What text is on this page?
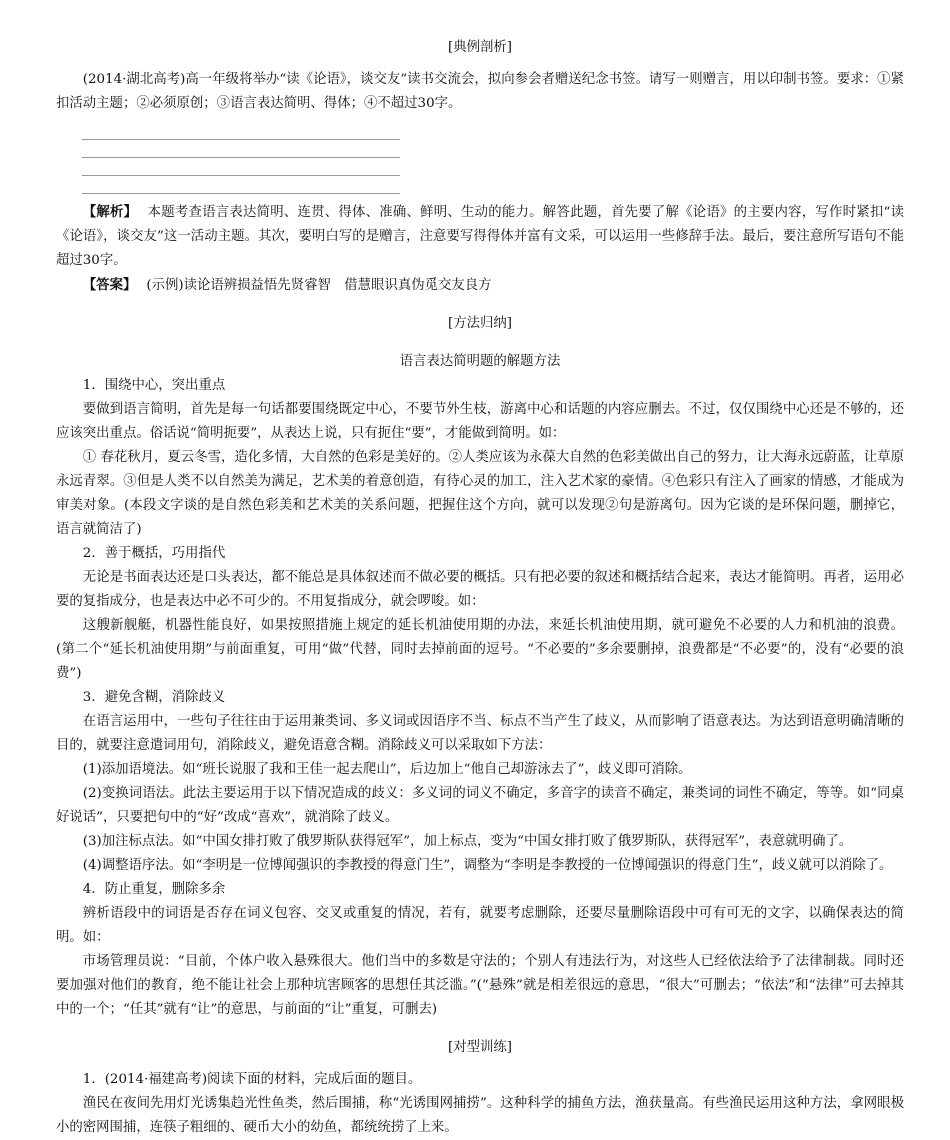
[典例剖析]

(2014·湖北高考)高一年级将举办“读《论语》，谈交友”读书交流会，拟向参会者赠送纪念书签。请写一则赠言，用以印制书签。要求：①紧扣活动主题；②必须原创；③语言表达简明、得体；④不超过30字。

【解析】 本题考查语言表达简明、连贯、得体、准确、鲜明、生动的能力。解答此题，首先要了解《论语》的主要内容，写作时紧扣“读《论语》，谈交友”这一活动主题。其次，要明白写的是赠言，注意要写得得体并富有文采，可以运用一些修辞手法。最后，要注意所写语句不能超过30字。

【答案】 (示例)读论语辨损益悟先贤睿智　借慧眼识真伪觅交友良方

[方法归纳]
语言表达简明题的解题方法

1．围绕中心，突出重点

要做到语言简明，首先是每一句话都要围绕既定中心，不要节外生枝，游离中心和话题的内容应删去。不过，仅仅围绕中心还是不够的，还应该突出重点。俗话说“简明扼要”，从表达上说，只有扼住“要”，才能做到简明。如：

① 春花秋月，夏云冬雪，造化多情，大自然的色彩是美好的。②人类应该为永葆大自然的色彩美做出自己的努力，让大海永远蔚蓝，让草原永远青翠。③但是人类不以自然美为满足，艺术美的着意创造，有待心灵的加工，注入艺术家的豪情。④色彩只有注入了画家的情感，才能成为审美对象。(本段文字谈的是自然色彩美和艺术美的关系问题，把握住这个方向，就可以发现②句是游离句。因为它谈的是环保问题，删掉它，语言就简洁了)

2．善于概括，巧用指代

无论是书面表达还是口头表达，都不能总是具体叙述而不做必要的概括。只有把必要的叙述和概括结合起来，表达才能简明。再者，运用必要的复指成分，也是表达中必不可少的。不用复指成分，就会啰唆。如：

这艘新舰艇，机器性能良好，如果按照措施上规定的延长机油使用期的办法，来延长机油使用期，就可避免不必要的人力和机油的浪费。(第二个“延长机油使用期”与前面重复，可用“做”代替，同时去掉前面的逗号。“不必要的”多余要删掉，浪费都是“不必要”的，没有“必要的浪费”)

3．避免含糊，消除歧义

在语言运用中，一些句子往往由于运用兼类词、多义词或因语序不当、标点不当产生了歧义，从而影响了语意表达。为达到语意明确清晰的目的，就要注意遣词用句，消除歧义，避免语意含糊。消除歧义可以采取如下方法：

(1)添加语境法。如“班长说服了我和王佳一起去爬山”，后边加上“他自己却游泳去了”，歧义即可消除。

(2)变换词语法。此法主要运用于以下情况造成的歧义：多义词的词义不确定，多音字的读音不确定，兼类词的词性不确定，等等。如“同桌好说话”，只要把句中的“好”改成“喜欢”，就消除了歧义。

(3)加注标点法。如“中国女排打败了俄罗斯队获得冠军”，加上标点，变为“中国女排打败了俄罗斯队，获得冠军”，表意就明确了。

(4)调整语序法。如“李明是一位博闻强识的李教授的得意门生”，调整为“李明是李教授的一位博闻强识的得意门生”，歧义就可以消除了。

4．防止重复，删除多余

辨析语段中的词语是否存在词义包容、交叉或重复的情况，若有，就要考虑删除，还要尽量删除语段中可有可无的文字，以确保表达的简明。如：

市场管理员说：“目前，个体户收入悬殊很大。他们当中的多数是守法的；个别人有违法行为，对这些人已经依法给予了法律制裁。同时还要加强对他们的教育，绝不能让社会上那种坑害顾客的思想任其泛滥。”(“悬殊”就是相差很远的意思，“很大”可删去；“依法”和“法律”可去掉其中的一个；“任其”就有“让”的意思，与前面的“让”重复，可删去)

[对型训练]

1．(2014·福建高考)阅读下面的材料，完成后面的题目。

渔民在夜间先用灯光诱集趋光性鱼类，然后围捕，称“光诱围网捕捞”。这种科学的捕鱼方法，渔获量高。有些渔民运用这种方法，拿网眼极小的密网围捕，连筷子粗细的、硬币大小的幼鱼，都统统捞了上来。
